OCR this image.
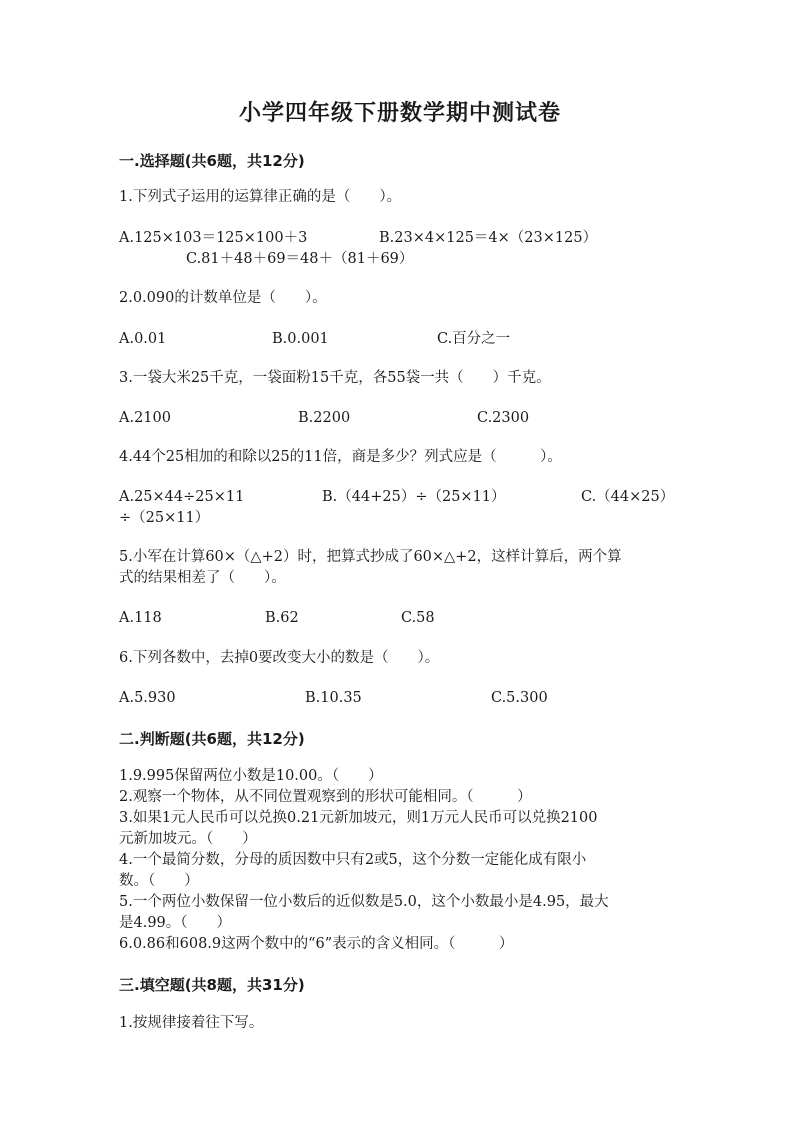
小学四年级下册数学期中测试卷
一.选择题(共6题，共12分)
1.下列式子运用的运算律正确的是（　　）。
A.125×103＝125×100＋3	B.23×4×125＝4×（23×125）
C.81＋48＋69＝48＋（81＋69）
2.0.090的计数单位是（　　）。
A.0.01	B.0.001	C.百分之一
3.一袋大米25千克，一袋面粉15千克，各55袋一共（　　）千克。
A.2100	B.2200	C.2300
4.44个25相加的和除以25的11倍，商是多少？列式应是（　　　）。
A.25×44÷25×11	B.（44+25）÷（25×11）	C.（44×25）
÷（25×11）
5.小军在计算60×（△+2）时，把算式抄成了60×△+2，这样计算后，两个算
式的结果相差了（　　）。
A.118	B.62	C.58
6.下列各数中，去掉0要改变大小的数是（　　）。
A.5.930	B.10.35	C.5.300
二.判断题(共6题，共12分)
1.9.995保留两位小数是10.00。（　　）
2.观察一个物体，从不同位置观察到的形状可能相同。（　　　）
3.如果1元人民币可以兑换0.21元新加坡元，则1万元人民币可以兑换2100
元新加坡元。（　　）
4.一个最简分数，分母的质因数中只有2或5，这个分数一定能化成有限小
数。（　　）
5.一个两位小数保留一位小数后的近似数是5.0，这个小数最小是4.95，最大
是4.99。（　　）
6.0.86和608.9这两个数中的“6”表示的含义相同。（　　　）
三.填空题(共8题，共31分)
1.按规律接着往下写。
